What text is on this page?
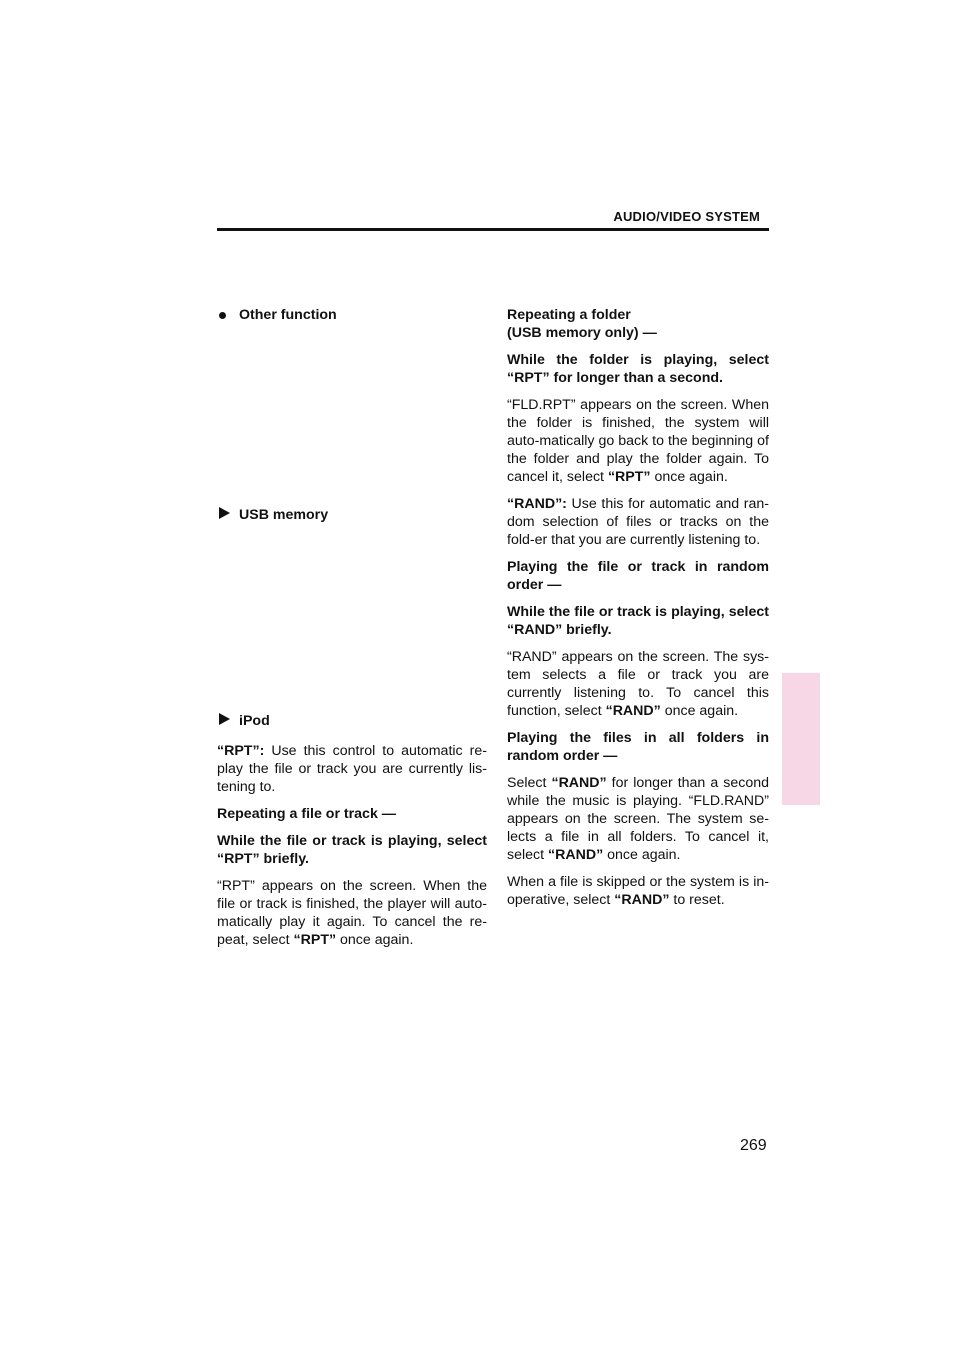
AUDIO/VIDEO SYSTEM
Other function
USB memory
iPod

“RPT”: Use this control to automatic re-play the file or track you are currently lis-tening to.

Repeating a file or track —

While the file or track is playing, select “RPT” briefly.

“RPT” appears on the screen. When the file or track is finished, the player will auto-matically play it again. To cancel the re-peat, select “RPT” once again.

Repeating a folder
(USB memory only) —

While the folder is playing, select “RPT” for longer than a second.

“FLD.RPT” appears on the screen. When the folder is finished, the system will auto-matically go back to the beginning of the folder and play the folder again. To cancel it, select “RPT” once again.

“RAND”: Use this for automatic and ran-dom selection of files or tracks on the fold-er that you are currently listening to.

Playing the file or track in random order —

While the file or track is playing, select “RAND” briefly.

“RAND” appears on the screen. The sys-tem selects a file or track you are currently listening to. To cancel this function, select “RAND” once again.

Playing the files in all folders in random order —

Select “RAND” for longer than a second while the music is playing. “FLD.RAND” appears on the screen. The system se-lects a file in all folders. To cancel it, select “RAND” once again.

When a file is skipped or the system is in-operative, select “RAND” to reset.

269
